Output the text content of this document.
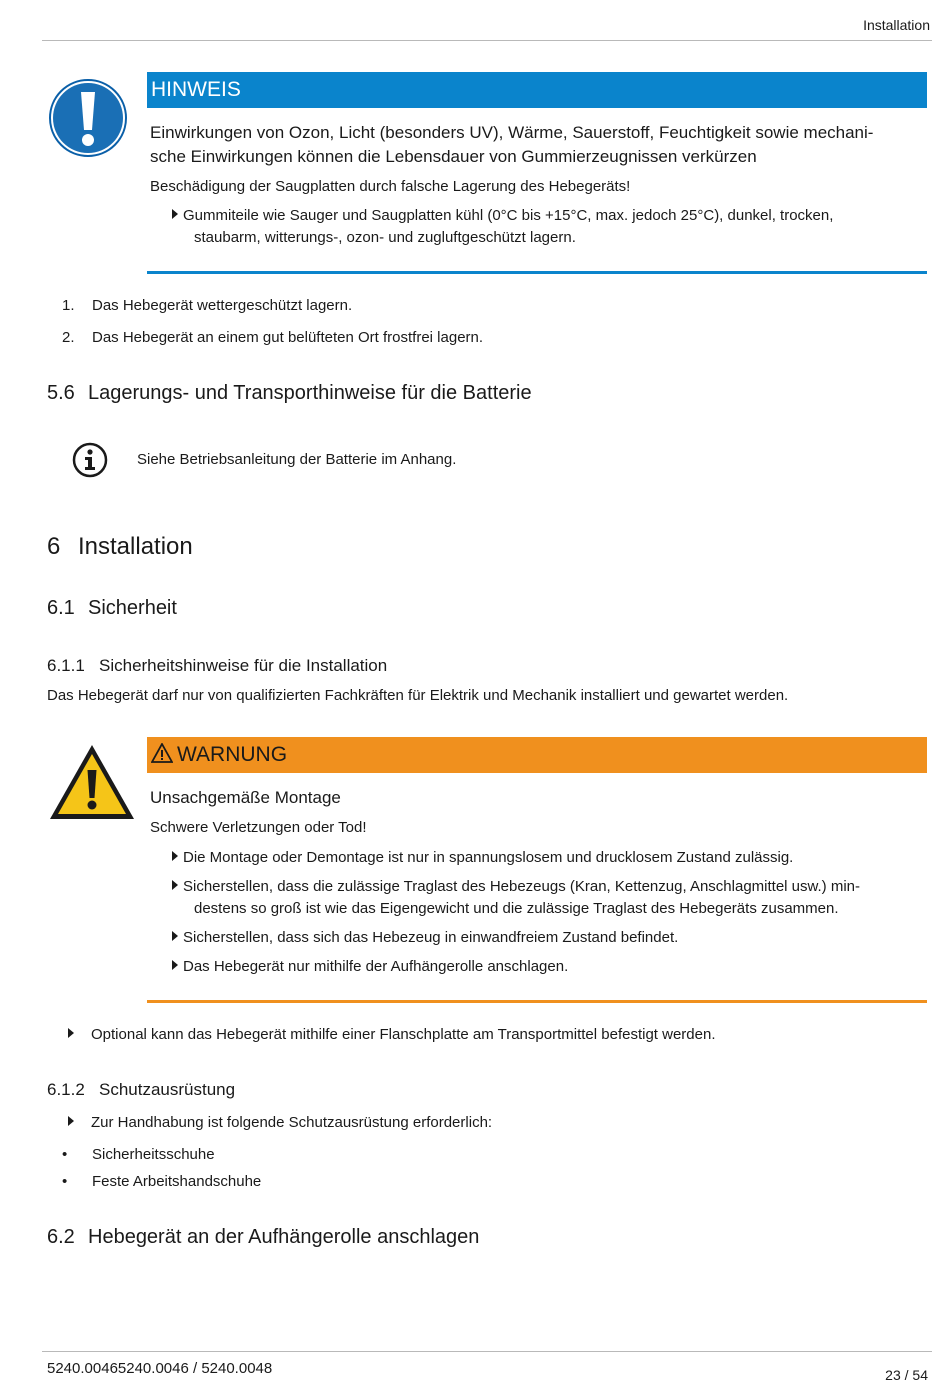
Installation
HINWEIS
Einwirkungen von Ozon, Licht (besonders UV), Wärme, Sauerstoff, Feuchtigkeit sowie mechani-
sche Einwirkungen können die Lebensdauer von Gummierzeugnissen verkürzen
Beschädigung der Saugplatten durch falsche Lagerung des Hebegeräts!
Gummiteile wie Sauger und Saugplatten kühl (0°C bis +15°C, max. jedoch 25°C), dunkel, trocken,
staubarm, witterungs-, ozon- und zugluftgeschützt lagern.
1. Das Hebegerät wettergeschützt lagern.
2. Das Hebegerät an einem gut belüfteten Ort frostfrei lagern.
5.6 Lagerungs- und Transporthinweise für die Batterie
Siehe Betriebsanleitung der Batterie im Anhang.
6 Installation
6.1 Sicherheit
6.1.1 Sicherheitshinweise für die Installation
Das Hebegerät darf nur von qualifizierten Fachkräften für Elektrik und Mechanik installiert und gewartet werden.
WARNUNG
Unsachgemäße Montage
Schwere Verletzungen oder Tod!
Die Montage oder Demontage ist nur in spannungslosem und drucklosem Zustand zulässig.
Sicherstellen, dass die zulässige Traglast des Hebezeugs (Kran, Kettenzug, Anschlagmittel usw.) min-
destens so groß ist wie das Eigengewicht und die zulässige Traglast des Hebegeräts zusammen.
Sicherstellen, dass sich das Hebezeug in einwandfreiem Zustand befindet.
Das Hebegerät nur mithilfe der Aufhängerolle anschlagen.
Optional kann das Hebegerät mithilfe einer Flanschplatte am Transportmittel befestigt werden.
6.1.2 Schutzausrüstung
Zur Handhabung ist folgende Schutzausrüstung erforderlich:
• Sicherheitsschuhe
• Feste Arbeitshandschuhe
6.2 Hebegerät an der Aufhängerolle anschlagen
5240.00465240.0046 / 5240.0048	23 / 54
